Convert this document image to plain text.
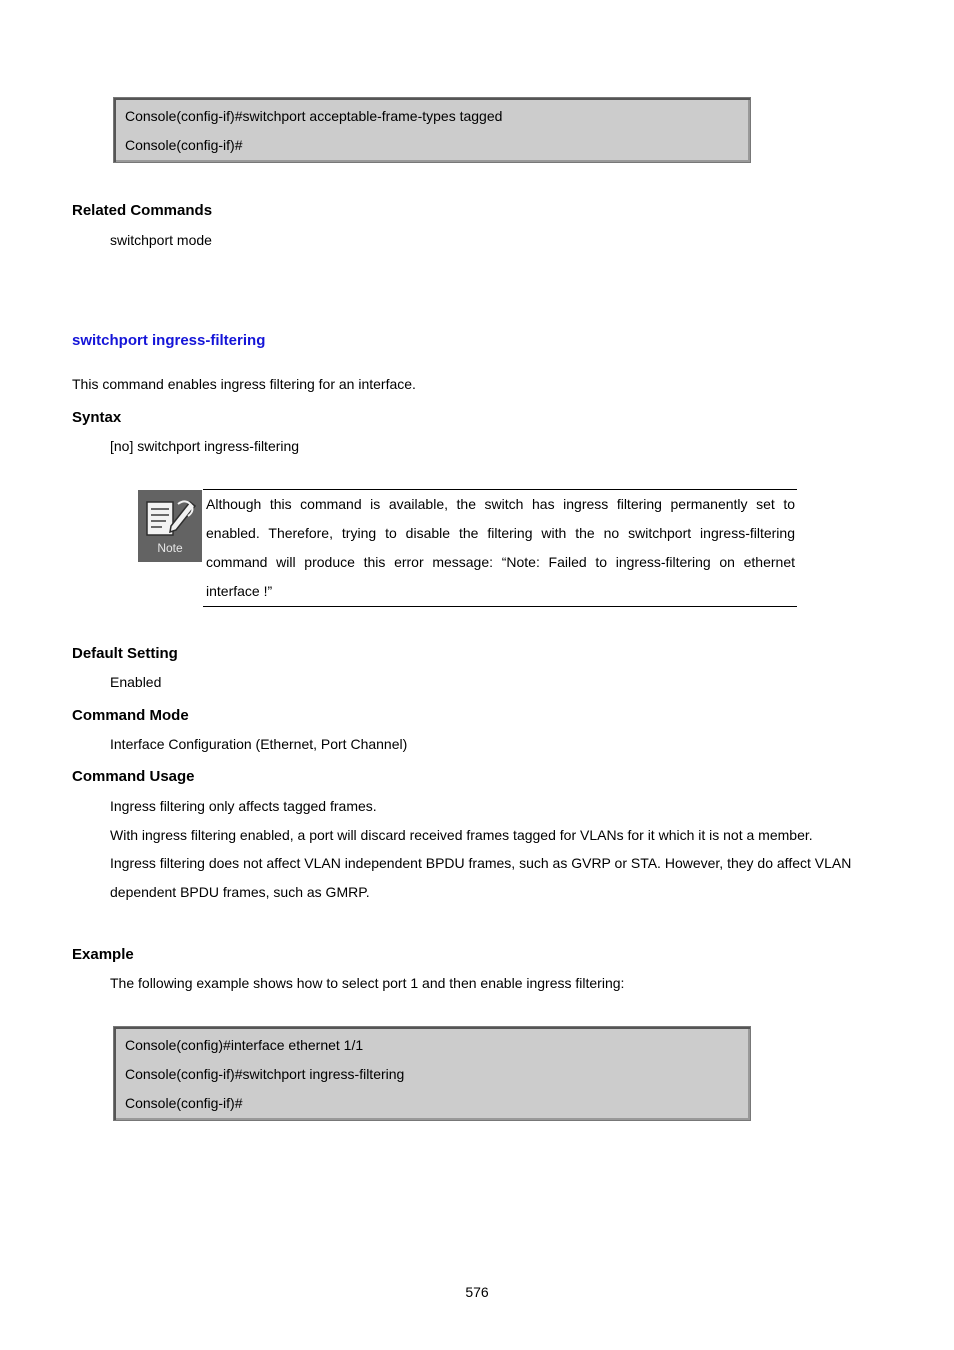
Console(config-if)#switchport acceptable-frame-types tagged
Console(config-if)#
Related Commands
switchport mode
switchport ingress-filtering
This command enables ingress filtering for an interface.
Syntax
[no] switchport ingress-filtering
Note
Although this command is available, the switch has ingress filtering permanently set to
enabled. Therefore, trying to disable the filtering with the no switchport ingress-filtering
command will produce this error message: “Note: Failed to ingress-filtering on ethernet
interface !”
Default Setting
Enabled
Command Mode
Interface Configuration (Ethernet, Port Channel)
Command Usage
Ingress filtering only affects tagged frames.
With ingress filtering enabled, a port will discard received frames tagged for VLANs for it which it is not a member.
Ingress filtering does not affect VLAN independent BPDU frames, such as GVRP or STA. However, they do affect VLAN
dependent BPDU frames, such as GMRP.
Example
The following example shows how to select port 1 and then enable ingress filtering:
Console(config)#interface ethernet 1/1
Console(config-if)#switchport ingress-filtering
Console(config-if)#
576
